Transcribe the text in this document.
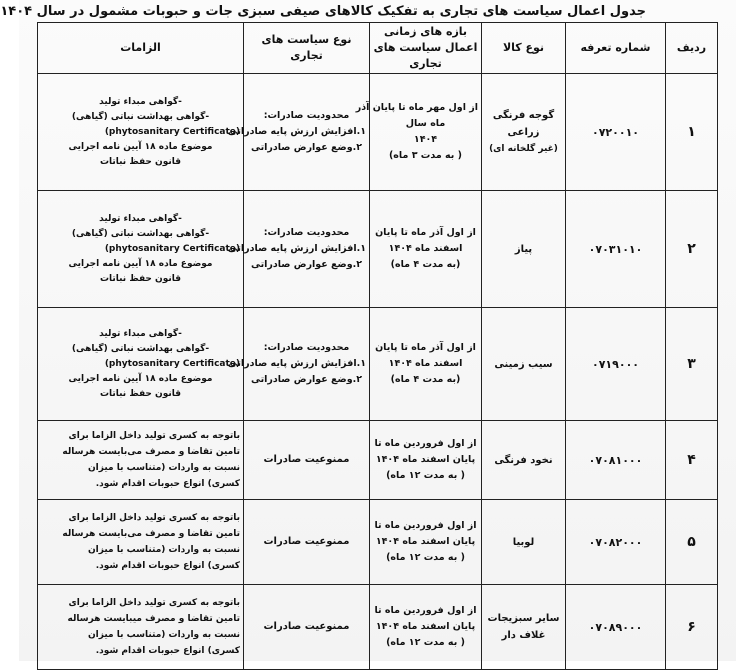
جدول اعمال سیاست های تجاری به تفکیک کالاهای صیفی سبزی جات و حبوبات مشمول در سال ۱۴۰۴
ردیف	شماره تعرفه	نوع کالا	بازه های زمانی اعمال سیاست های تجاری	نوع سیاست های تجاری	الزامات
۱	۰۷۲۰۰۱۰	گوجه فرنگی زراعی
(غیر گلخانه ای)	از اول مهر ماه تا پایان آذر
ماه سال
۱۴۰۴
( به مدت ۳ ماه)	محدودیت صادرات:
۱.افزایش ارزش پایه صادراتی
۲.وضع عوارض صادراتی	-گواهی مبداء تولید
-گواهی بهداشت نباتی (گیاهی)
(phytosanitary Certificate)
موضوع ماده ۱۸ آیین نامه اجرایی
قانون حفظ نباتات

۲	۰۷۰۳۱۰۱۰	پیاز	از اول آذر ماه تا پایان
اسفند ماه ۱۴۰۴
(به مدت ۴ ماه)	محدودیت صادرات:
۱.افزایش ارزش پایه صادراتی
۲.وضع عوارض صادراتی	-گواهی مبداء تولید
-گواهی بهداشت نباتی (گیاهی)
(phytosanitary Certificate)
موضوع ماده ۱۸ آیین نامه اجرایی
قانون حفظ نباتات

۳	۰۷۱۹۰۰۰	سیب زمینی	از اول آذر ماه تا پایان
اسفند ماه ۱۴۰۴
(به مدت ۴ ماه)	محدودیت صادرات:
۱.افزایش ارزش پایه صادراتی
۲.وضع عوارض صادراتی	-گواهی مبداء تولید
-گواهی بهداشت نباتی (گیاهی)
(phytosanitary Certificate)
موضوع ماده ۱۸ آیین نامه اجرایی
قانون حفظ نباتات

۴	۰۷۰۸۱۰۰۰	نخود فرنگی	از اول فروردین ماه تا
پایان اسفند ماه ۱۴۰۴
( به مدت ۱۲ ماه)	ممنوعیت صادرات	باتوجه به کسری تولید داخل الزاما برای
تامین تقاضا و مصرف می‌بایست هرساله
نسبت به واردات (متناسب با میزان
کسری) انواع حبوبات اقدام شود.

۵	۰۷۰۸۲۰۰۰	لوبیا	از اول فروردین ماه تا
پایان اسفند ماه ۱۴۰۴
( به مدت ۱۲ ماه)	ممنوعیت صادرات	باتوجه به کسری تولید داخل الزاما برای
تامین تقاضا و مصرف می‌بایست هرساله
نسبت به واردات (متناسب با میزان
کسری) انواع حبوبات اقدام شود.

۶	۰۷۰۸۹۰۰۰	سایر سبزیجات غلاف دار	از اول فروردین ماه تا
پایان اسفند ماه ۱۴۰۴
( به مدت ۱۲ ماه)	ممنوعیت صادرات	باتوجه به کسری تولید داخل الزاما برای
تامین تقاضا و مصرف میبایست هرساله
نسبت به واردات (متناسب با میزان
کسری) انواع حبوبات اقدام شود.
